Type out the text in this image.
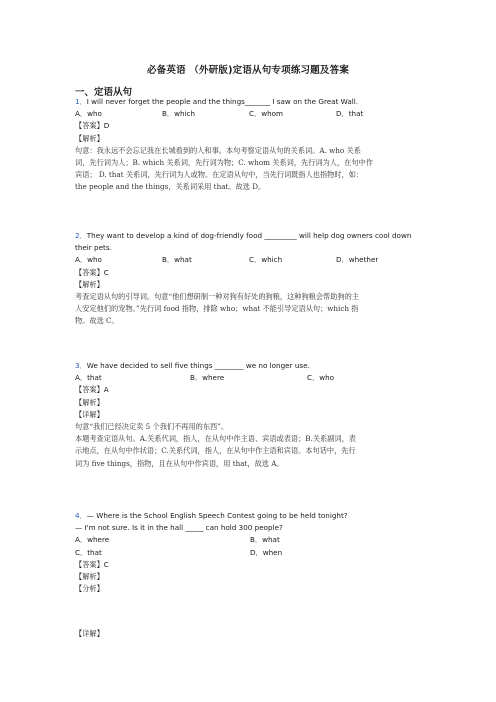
必备英语 （外研版)定语从句专项练习题及答案
一、定语从句
1．I will never forget the people and the things_______ I saw on the Great Wall.
A．who	B．which	C．whom	D．that
【答案】D
【解析】
句意：我永远不会忘记我在长城看到的人和事。本句考察定语从句的关系词。A. who 关系
词，先行词为人；B. which 关系词，先行词为物；C. whom 关系词，先行词为人，在句中作
宾语； D. that 关系词，先行词为人或物。在定语从句中，当先行词既指人也指物时，如：
the people and the things，关系词采用 that。故选 D。
2．They want to develop a kind of dog-friendly food _________ will help dog owners cool down their pets.
A．who	B．what	C．which	D．whether
【答案】C
【解析】
考查定语从句的引导词。句意“他们想研制一种对狗有好处的狗粮，这种狗粮会帮助狗的主
人安定他们的宠物。”先行词 food 指物，排除 who；what 不能引导定语从句；which 指
物。故选 C。
3．We have decided to sell five things ________ we no longer use.
A．that	B．where	C．who
【答案】A
【解析】
【详解】
句意“我们已经决定卖 5 个我们不再用的东西”。
本题考查定语从句。A.关系代词，指人，在从句中作主语、宾语或表语；B.关系副词，表
示地点，在从句中作状语；C.关系代词，指人，在从句中作主语和宾语。本句话中，先行
词为 five things，指物，且在从句中作宾语，用 that，故选 A。
4．— Where is the School English Speech Contest going to be held tonight?
— I'm not sure. Is it in the hall _____ can hold 300 people?
A．where	B．what
C．that	D．when
【答案】C
【解析】
【分析】
【详解】
